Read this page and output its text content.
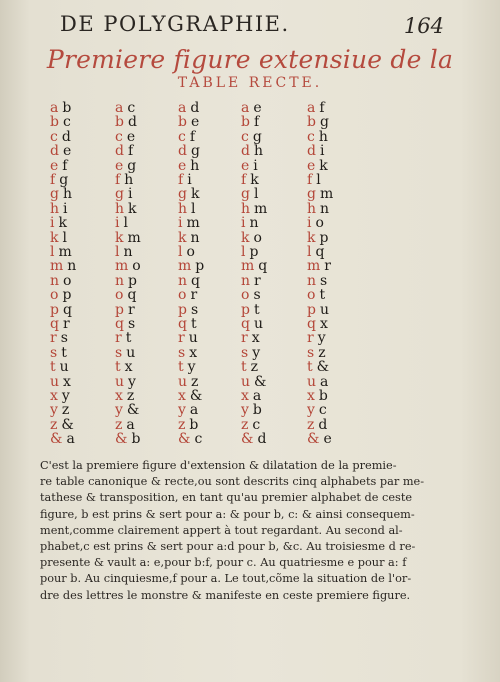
DE POLYGRAPHIE.	164
Premiere figure extensiue de la
TABLE RECTE.
a b
b c
c d
d e
e f
f g
g h
h i
i k
k l
l m
m n
n o
o p
p q
q r
r s
s t
t u
u x
x y
y z
z &
& a
a c
b d
c e
d f
e g
f h
g i
h k
i l
k m
l n
m o
n p
o q
p r
q s
r t
s u
t x
u y
x z
y &
z a
& b
a d
b e
c f
d g
e h
f i
g k
h l
i m
k n
l o
m p
n q
o r
p s
q t
r u
s x
t y
u z
x &
y a
z b
& c
a e
b f
c g
d h
e i
f k
g l
h m
i n
k o
l p
m q
n r
o s
p t
q u
r x
s y
t z
u &
x a
y b
z c
& d
a f
b g
c h
d i
e k
f l
g m
h n
i o
k p
l q
m r
n s
o t
p u
q x
r y
s z
t &
u a
x b
y c
z d
& e
C'est la premiere figure d'extension & dilatation de la premie-
re table canonique & recte,ou sont descrits cinq alphabets par me-
tathese & transposition, en tant qu'au premier alphabet de ceste
figure, b est prins & sert pour a: & pour b, c: & ainsi consequem-
ment,comme clairement appert à tout regardant. Au second al-
phabet,c est prins & sert pour a:d pour b, &c. Au troisiesme d re-
presente & vault a: e,pour b:f, pour c. Au quatriesme e pour a: f
pour b. Au cinquiesme,f pour a. Le tout,cõme la situation de l'or-
dre des lettres le monstre & manifeste en ceste premiere figure.
